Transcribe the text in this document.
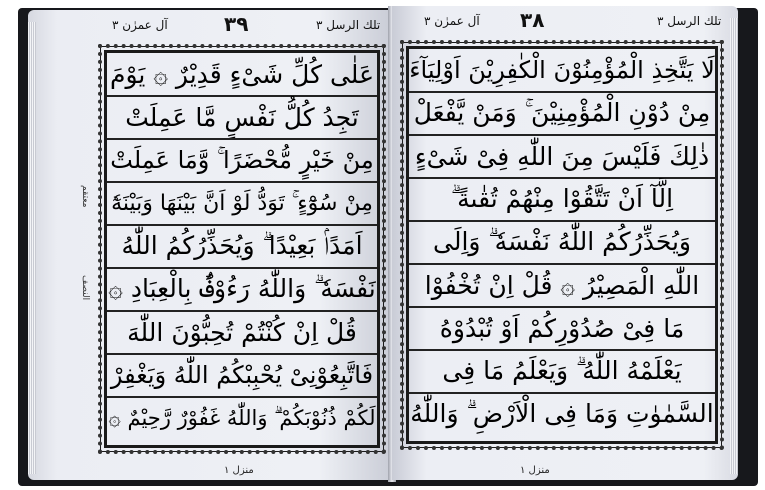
تلك الرسل ٣
٣٩
آل عمرٰن ٣
عَلٰى كُلِّ شَىْءٍ قَدِيْرٌ ۞ يَوْمَ
تَجِدُ كُلُّ نَفْسٍ مَّا عَمِلَتْ
مِنْ خَيْرٍ مُّحْضَرًا ۚ وَّمَا عَمِلَتْ
مِنْ سُوْٓءٍ ۚ تَوَدُّ لَوْ اَنَّ بَيْنَهَا وَبَيْنَهٗٓ
اَمَدًاۢ بَعِيْدًا ۗ وَيُحَذِّرُكُمُ اللّٰهُ
نَفْسَهٗ ۗ وَاللّٰهُ رَءُوْفٌۢ بِالْعِبَادِ ۞
قُلْ اِنْ كُنْتُمْ تُحِبُّوْنَ اللّٰهَ
فَاتَّبِعُوْنِىْ يُحْبِبْكُمُ اللّٰهُ وَيَغْفِرْ
لَكُمْ ذُنُوْبَكُمْ ۗ وَاللّٰهُ غَفُوْرٌ رَّحِيْمٌ ۞
معتقم
النصف
منزل ١
تلك الرسل ٣
٣٨
آل عمرٰن ٣
لَا يَتَّخِذِ الْمُؤْمِنُوْنَ الْكٰفِرِيْنَ اَوْلِيَآءَ
مِنْ دُوْنِ الْمُؤْمِنِيْنَ ۚ وَمَنْ يَّفْعَلْ
ذٰلِكَ فَلَيْسَ مِنَ اللّٰهِ فِىْ شَىْءٍ
اِلَّآ اَنْ تَتَّقُوْا مِنْهُمْ تُقٰىةً ۗ
وَيُحَذِّرُكُمُ اللّٰهُ نَفْسَهٗ ۗ وَاِلَى
اللّٰهِ الْمَصِيْرُ ۞ قُلْ اِنْ تُخْفُوْا
مَا فِىْ صُدُوْرِكُمْ اَوْ تُبْدُوْهُ
يَعْلَمْهُ اللّٰهُ ۗ وَيَعْلَمُ مَا فِى
السَّمٰوٰتِ وَمَا فِى الْاَرْضِ ۗ وَاللّٰهُ
منزل ١
